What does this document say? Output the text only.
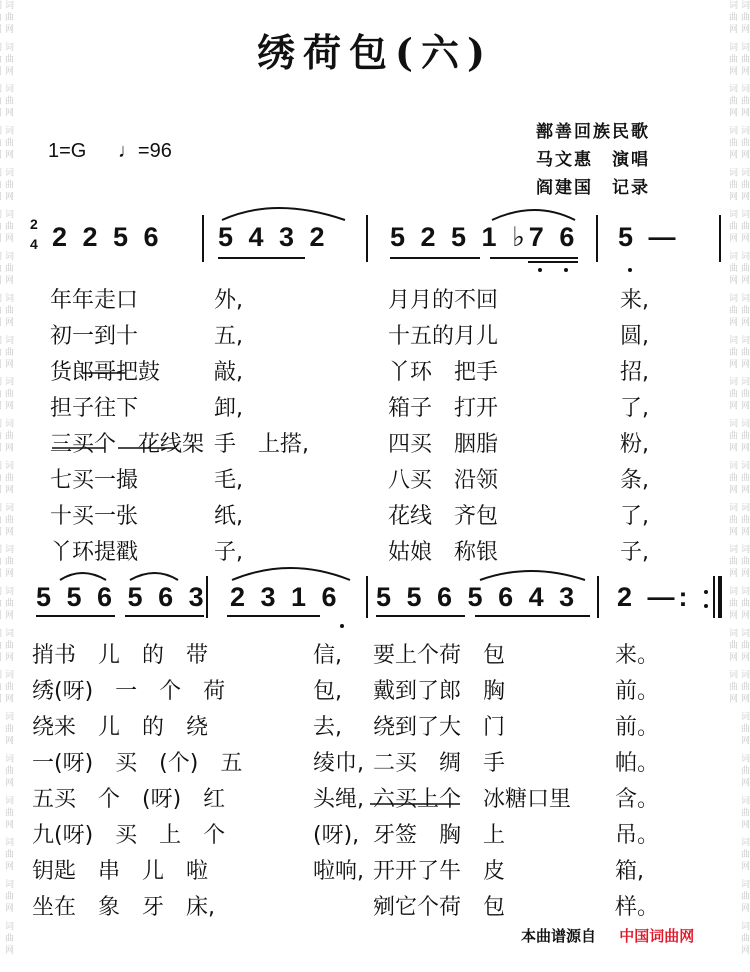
词曲网 词曲网 词曲网 词曲网 词曲网 词曲网 词曲网 词曲网 词曲网 词曲网 词曲网 词曲网 词曲网 词曲网 词曲网 词曲网 词曲网 词曲网 词曲网 词曲网 词曲网 词曲网 词曲网	词曲网 词曲网 词曲网 词曲网 词曲网 词曲网 词曲网 词曲网 词曲网 词曲网 词曲网 词曲网 词曲网 词曲网 词曲网 词曲网 词曲网 词曲网 词曲网 词曲网 词曲网 词曲网 词曲网 词曲网 词曲网 词曲网 词曲网 词曲网 词曲网 词曲网 词曲网 词曲网 词曲网 词曲网 词曲网 词曲网 词曲网 词曲网 词曲网 词曲网
绣荷包(六)
1=G ♩=96
鄯善回族民歌
马文惠　演唱
阎建国　记录
2
4 2 2 5 6 5 4 3 2 5 2 5 1 ♭7 6 5 —
年年走口	外,	月月的不回	来,
初一到十	五,	十五的月儿	圆,
货郎哥把鼓 敲,	丫环　把手	招,
担子往下	卸,	箱子　打开	了,
三买个　花线架 手　上搭,	四买　胭脂	粉,
七买一撮	毛,	八买　沿领	条,
十买一张	纸,	花线　齐包	了,
丫环提戳	子,	姑娘　称银	子,
5 5 6 5 6 3 2 3 1 6 5 5 6 5 6 4 3 2 —:
捎书　儿　的　带	信, 要上个荷　包	来。
绣(呀)　一　个　荷	包, 戴到了郎　胸	前。
绕来　儿　的　绕	去, 绕到了大　门	前。
一(呀)　买　(个)　五	绫巾, 二买　绸　手	帕。
五买　个　(呀)　红	头绳, 六买上个　冰糖口里 含。
九(呀)　买　上　个	(呀), 牙签　胸　上	吊。
钥匙　串　儿　啦	啦响, 开开了牛　皮	箱,
坐在　象　牙　床,	剜它个荷　包	样。
本曲谱源自 中国词曲网
